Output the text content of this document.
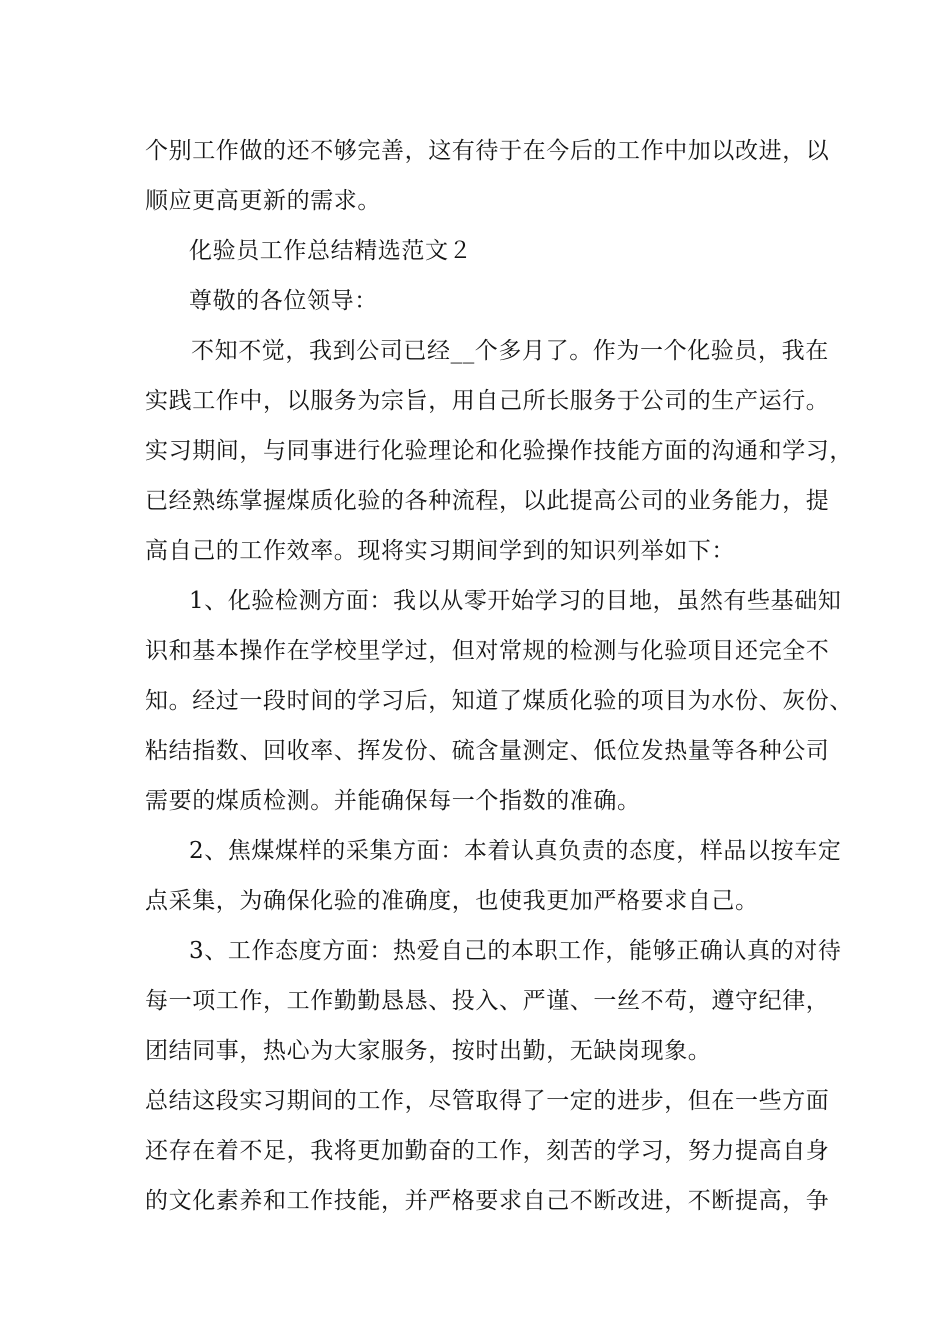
个别工作做的还不够完善，这有待于在今后的工作中加以改进，以
顺应更高更新的需求。
化验员工作总结精选范文２
尊敬的各位领导：
不知不觉，我到公司已经__个多月了。作为一个化验员，我在
实践工作中，以服务为宗旨，用自己所长服务于公司的生产运行。
实习期间，与同事进行化验理论和化验操作技能方面的沟通和学习，
已经熟练掌握煤质化验的各种流程，以此提高公司的业务能力，提
高自己的工作效率。现将实习期间学到的知识列举如下：
1、化验检测方面：我以从零开始学习的目地，虽然有些基础知
识和基本操作在学校里学过，但对常规的检测与化验项目还完全不
知。经过一段时间的学习后，知道了煤质化验的项目为水份、灰份、
粘结指数、回收率、挥发份、硫含量测定、低位发热量等各种公司
需要的煤质检测。并能确保每一个指数的准确。
2、焦煤煤样的采集方面：本着认真负责的态度，样品以按车定
点采集，为确保化验的准确度，也使我更加严格要求自己。
3、工作态度方面：热爱自己的本职工作，能够正确认真的对待
每一项工作，工作勤勤恳恳、投入、严谨、一丝不苟，遵守纪律，
团结同事，热心为大家服务，按时出勤，无缺岗现象。
总结这段实习期间的工作，尽管取得了一定的进步，但在一些方面
还存在着不足，我将更加勤奋的工作，刻苦的学习，努力提高自身
的文化素养和工作技能，并严格要求自己不断改进，不断提高，争
